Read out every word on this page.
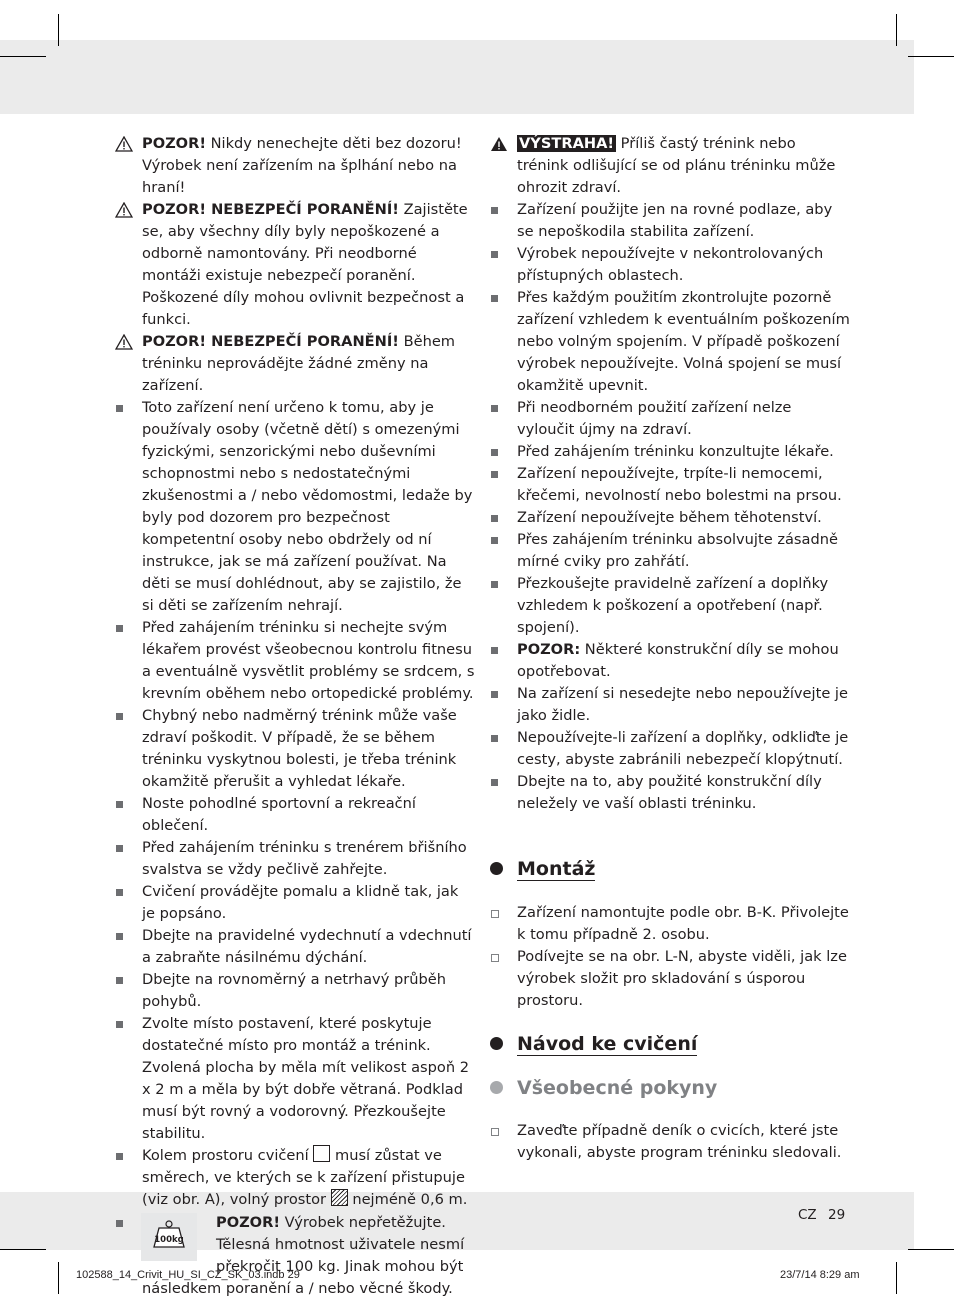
POZOR! Nikdy nenechejte děti bez dozoru! Výrobek není zařízením na šplhání nebo na hraní!
POZOR! NEBEZPEČÍ PORANĚNÍ! Zajistěte se, aby všechny díly byly nepoškozené a odborně namontovány. Při neodborné montáži existuje nebezpečí poranění. Poškozené díly mohou ovlivnit bezpečnost a funkci.
POZOR! NEBEZPEČÍ PORANĚNÍ! Během tréninku neprovádějte žádné změny na zařízení.
Toto zařízení není určeno k tomu, aby je používaly osoby (včetně dětí) s omezenými fyzickými, senzorickými nebo duševními schopnostmi nebo s nedostatečnými zkušenostmi a / nebo vědomostmi, ledaže by byly pod dozorem pro bezpečnost kompetentní osoby nebo obdržely od ní instrukce, jak se má zařízení používat. Na děti se musí dohlédnout, aby se zajistilo, že si děti se zařízením nehrají.
Před zahájením tréninku si nechejte svým lékařem provést všeobecnou kontrolu fitnesu a eventuálně vysvětlit problémy se srdcem, s krevním oběhem nebo ortopedické problémy.
Chybný nebo nadměrný trénink může vaše zdraví poškodit. V případě, že se během tréninku vyskytnou bolesti, je třeba trénink okamžitě přerušit a vyhledat lékaře.
Noste pohodlné sportovní a rekreační oblečení.
Před zahájením tréninku s trenérem břišního svalstva se vždy pečlivě zahřejte.
Cvičení provádějte pomalu a klidně tak, jak je popsáno.
Dbejte na pravidelné vydechnutí a vdechnutí a zabraňte násilnému dýchání.
Dbejte na rovnoměrný a netrhavý průběh pohybů.
Zvolte místo postavení, které poskytuje dostatečné místo pro montáž a trénink. Zvolená plocha by měla mít velikost aspoň 2 x 2 m a měla by být dobře větraná. Podklad musí být rovný a vodorovný. Přezkoušejte stabilitu.
Kolem prostoru cvičení  musí zůstat ve směrech, ve kterých se k zařízení přistupuje (viz obr. A), volný prostor  nejméně 0,6 m.
100kg
POZOR! Výrobek nepřetěžujte.
Tělesná hmotnost uživatele nesmí
překročit 100 kg. Jinak mohou být
následkem poranění a / nebo věcné škody.
VÝSTRAHA! Příliš častý trénink nebo trénink odlišující se od plánu tréninku může ohrozit zdraví.
Zařízení použijte jen na rovné podlaze, aby se nepoškodila stabilita zařízení.
Výrobek nepoužívejte v nekontrolovaných přístupných oblastech.
Přes každým použitím zkontrolujte pozorně zařízení vzhledem k eventuálním poškozením nebo volným spojením. V případě poškození výrobek nepoužívejte. Volná spojení se musí okamžitě upevnit.
Při neodborném použití zařízení nelze vyloučit újmy na zdraví.
Před zahájením tréninku konzultujte lékaře.
Zařízení nepoužívejte, trpíte-li nemocemi, křečemi, nevolností nebo bolestmi na prsou.
Zařízení nepoužívejte během těhotenství.
Přes zahájením tréninku absolvujte zásadně mírné cviky pro zahřátí.
Přezkoušejte pravidelně zařízení a doplňky vzhledem k poškození a opotřebení (např. spojení).
POZOR: Některé konstrukční díly se mohou opotřebovat.
Na zařízení si nesedejte nebo nepoužívejte je jako židle.
Nepoužívejte-li zařízení a doplňky, odkliďte je cesty, abyste zabránili nebezpečí klopýtnutí.
Dbejte na to, aby použité konstrukční díly neležely ve vaší oblasti tréninku.
Montáž
Zařízení namontujte podle obr. B-K. Přivolejte k tomu případně 2. osobu.
Podívejte se na obr. L-N, abyste viděli, jak lze výrobek složit pro skladování s úsporou prostoru.
Návod ke cvičení
Všeobecné pokyny
Zaveďte případně deník o cvicích, které jste vykonali, abyste program tréninku sledovali.
CZ 29
102588_14_Crivit_HU_SI_CZ_SK_03.indb 29	23/7/14 8:29 am
